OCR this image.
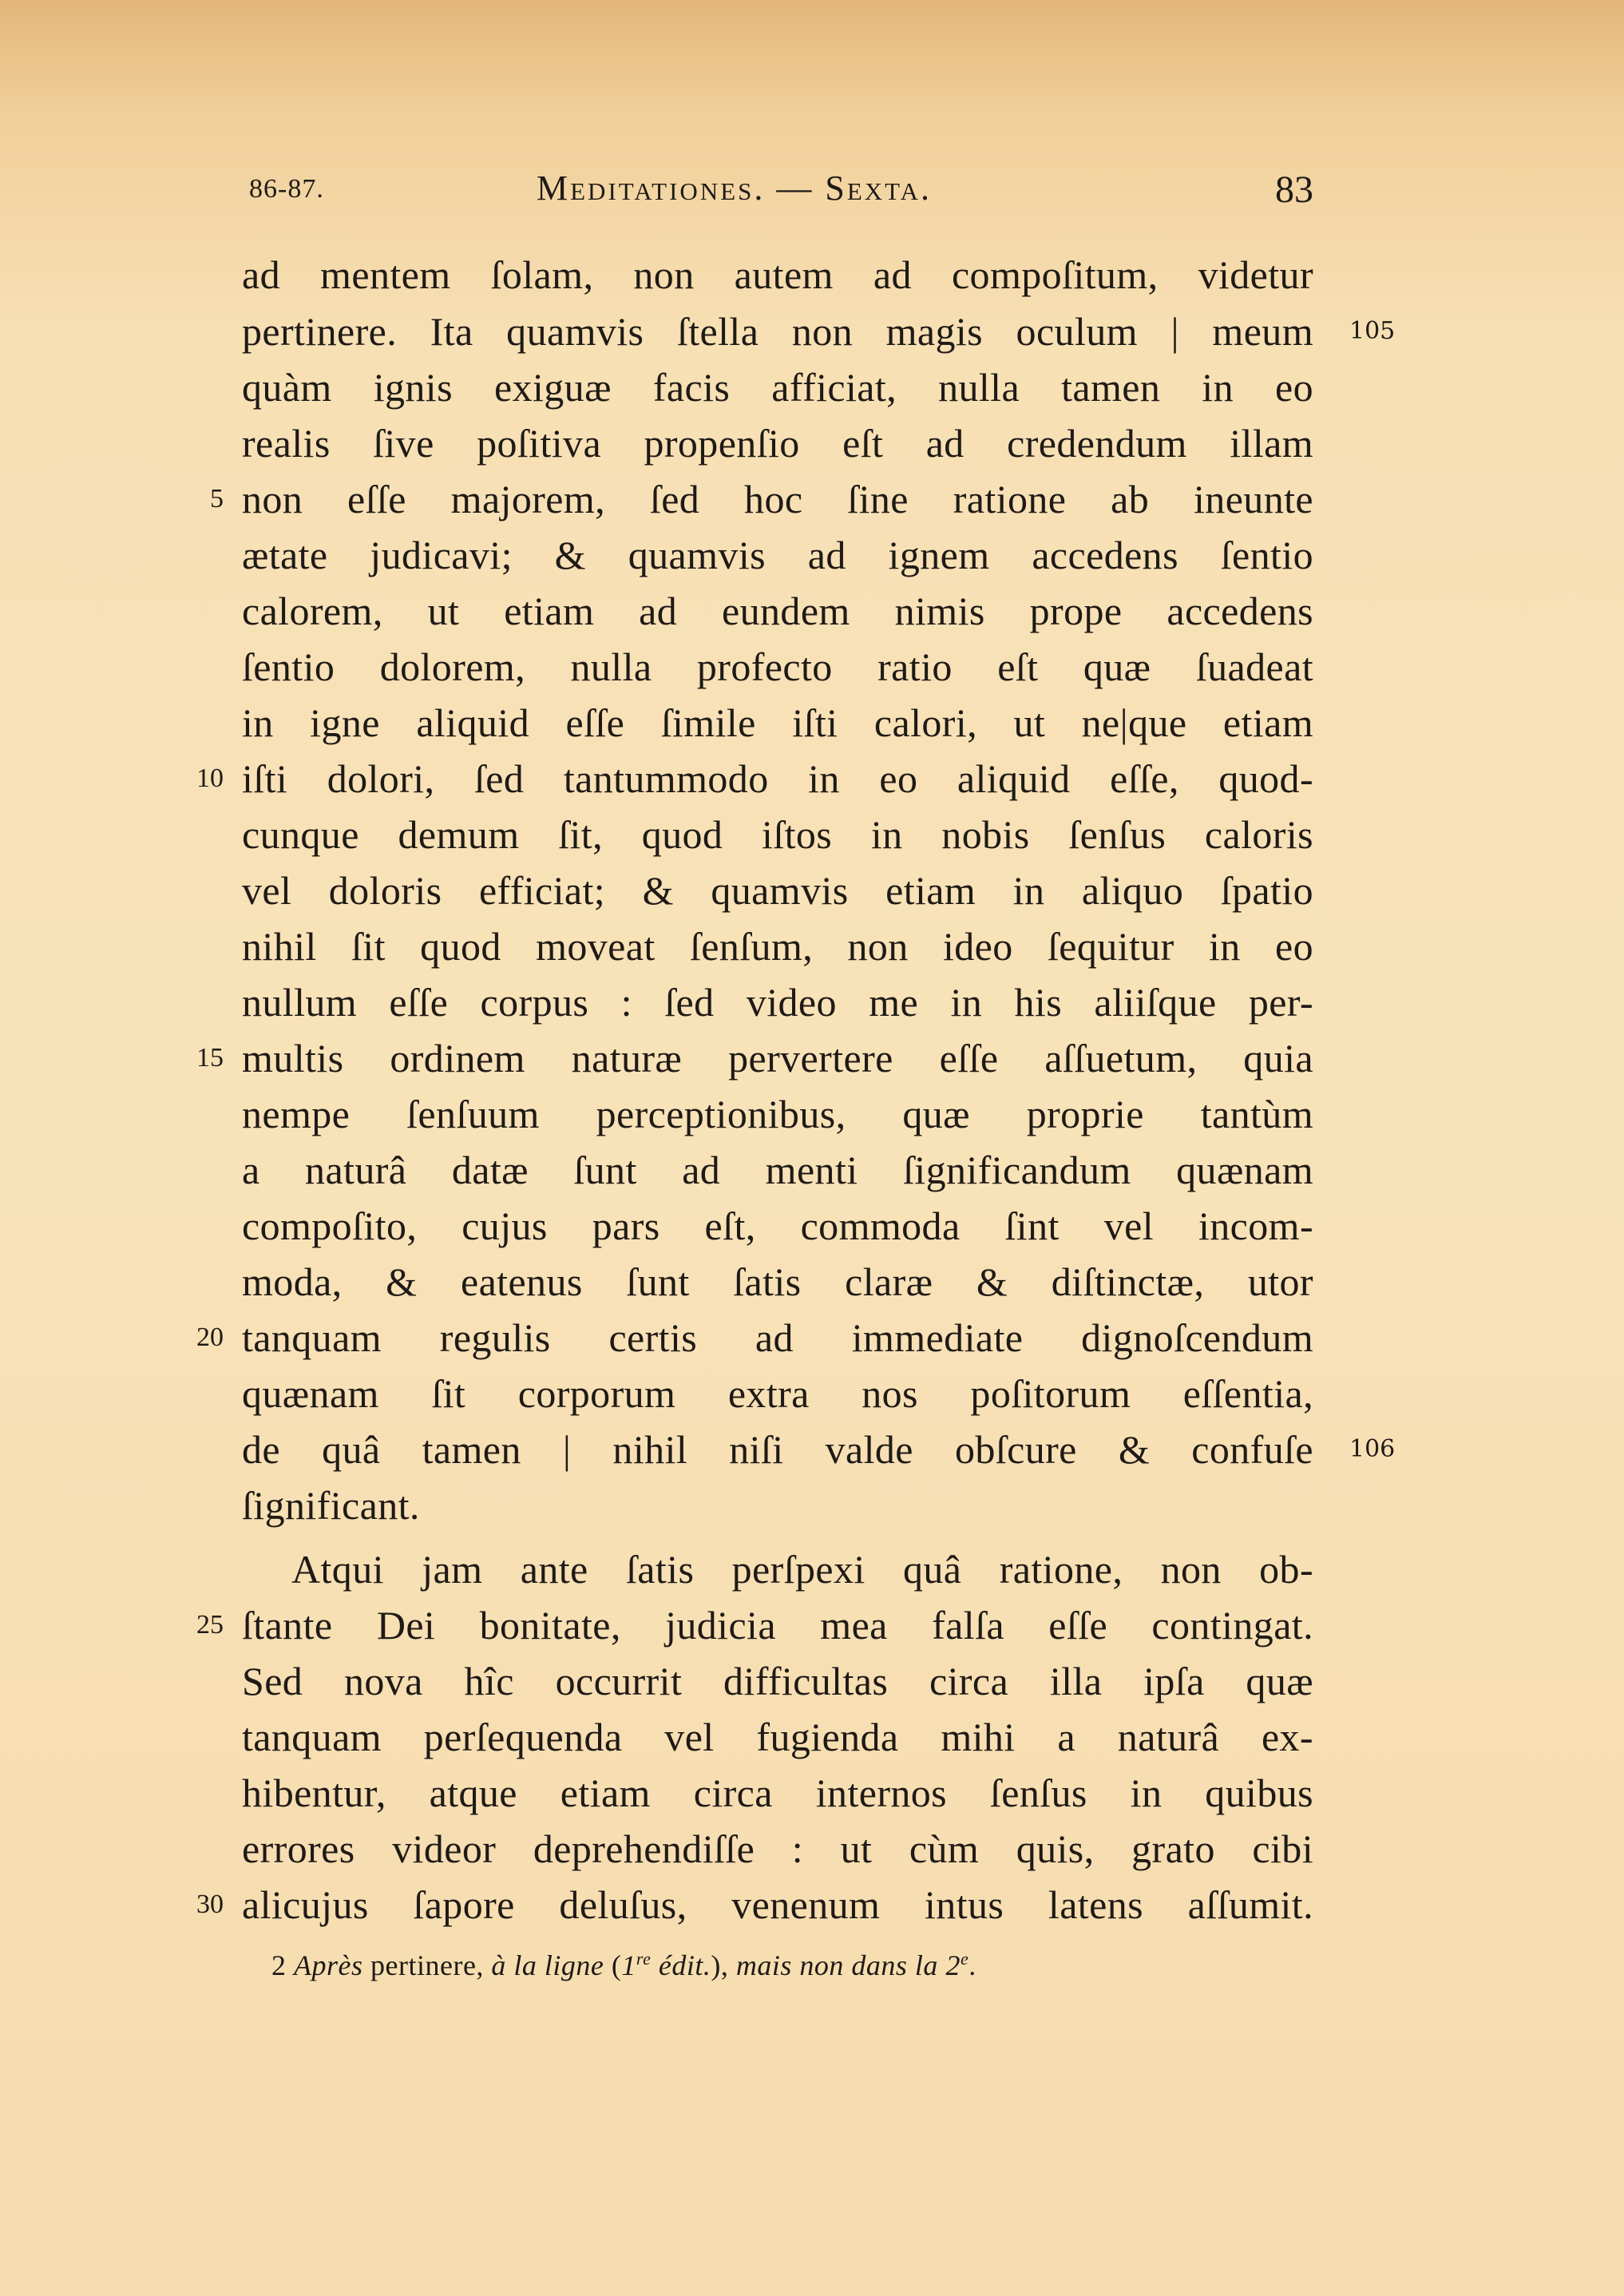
86-87.	Meditationes. — Sexta.	83
ad mentem ſolam, non autem ad compoſitum, videtur
pertinere. Ita quamvis ſtella non magis oculum | meum
quàm ignis exiguæ facis afficiat, nulla tamen in eo
realis ſive poſitiva propenſio eſt ad credendum illam
non eſſe majorem, ſed hoc ſine ratione ab ineunte
ætate judicavi; & quamvis ad ignem accedens ſentio
calorem, ut etiam ad eundem nimis prope accedens
ſentio dolorem, nulla profecto ratio eſt quæ ſuadeat
in igne aliquid eſſe ſimile iſti calori, ut ne|que etiam
iſti dolori, ſed tantummodo in eo aliquid eſſe, quod-
cunque demum ſit, quod iſtos in nobis ſenſus caloris
vel doloris efficiat; & quamvis etiam in aliquo ſpatio
nihil ſit quod moveat ſenſum, non ideo ſequitur in eo
nullum eſſe corpus : ſed video me in his aliiſque per-
multis ordinem naturæ pervertere eſſe aſſuetum, quia
nempe ſenſuum perceptionibus, quæ proprie tantùm
a naturâ datæ ſunt ad menti ſignificandum quænam
compoſito, cujus pars eſt, commoda ſint vel incom-
moda, & eatenus ſunt ſatis claræ & diſtinctæ, utor
tanquam regulis certis ad immediate dignoſcendum
quænam ſit corporum extra nos poſitorum eſſentia,
de quâ tamen | nihil niſi valde obſcure & confuſe
ſignificant.
Atqui jam ante ſatis perſpexi quâ ratione, non ob-
ſtante Dei bonitate, judicia mea falſa eſſe contingat.
Sed nova hîc occurrit difficultas circa illa ipſa quæ
tanquam perſequenda vel fugienda mihi a naturâ ex-
hibentur, atque etiam circa internos ſenſus in quibus
errores videor deprehendiſſe : ut cùm quis, grato cibi
alicujus ſapore deluſus, venenum intus latens aſſumit.
5
10
15
20
25
30
105
106
2 Après pertinere, à la ligne (1re édit.), mais non dans la 2e.
